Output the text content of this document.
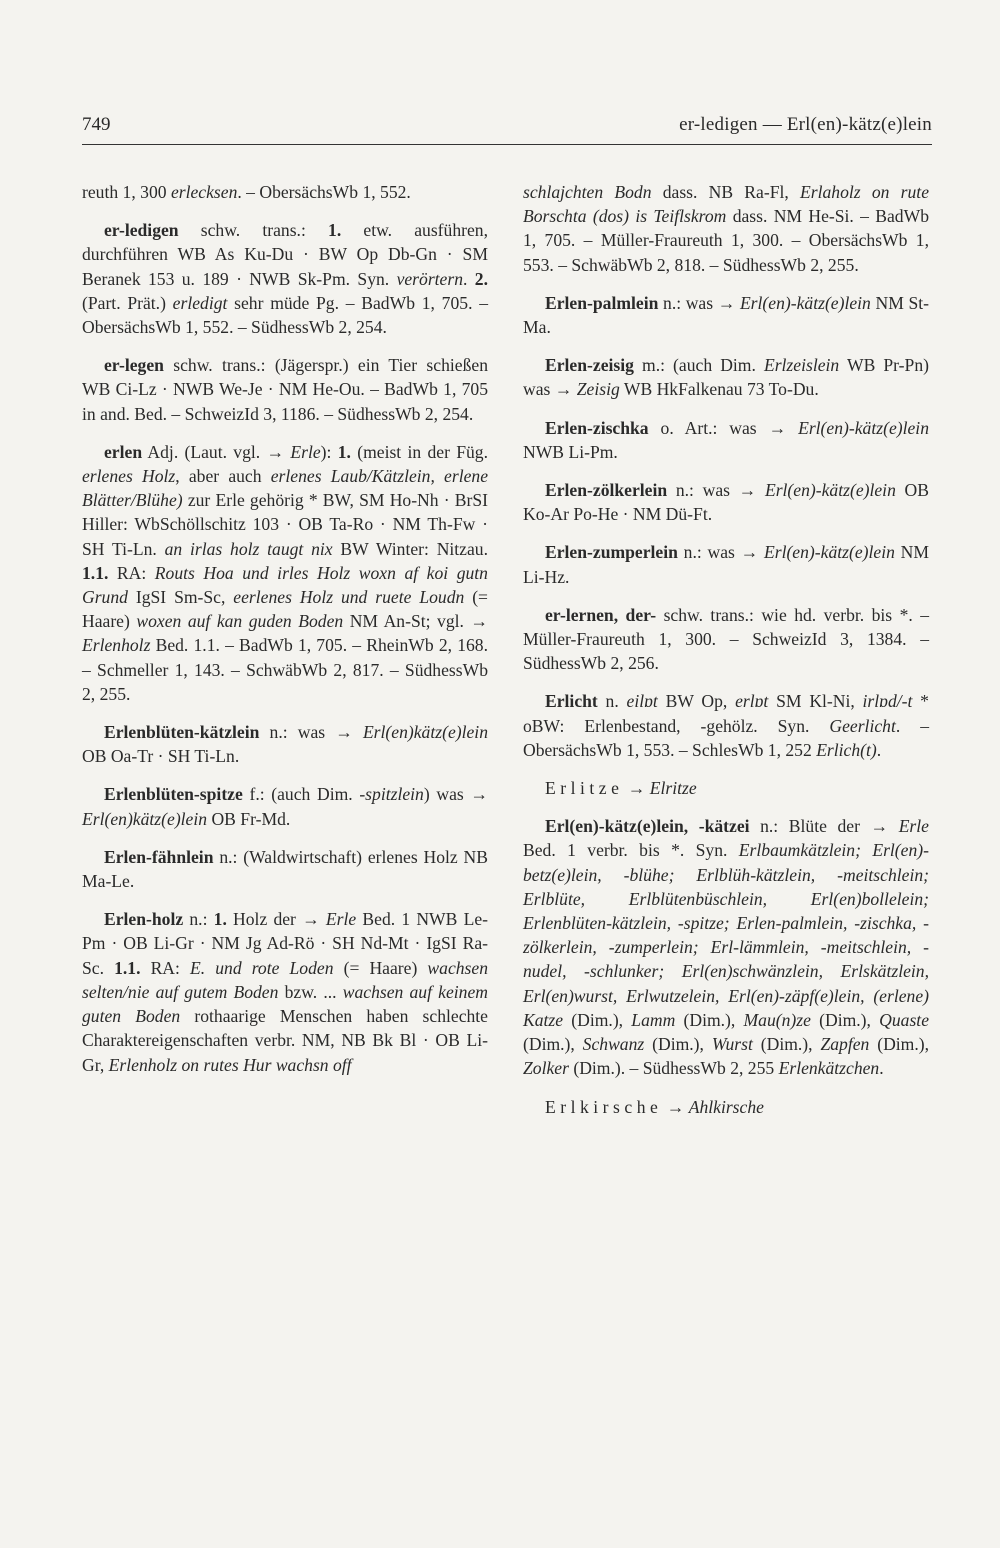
749	er-ledigen — Erl(en)-kätz(e)lein

reuth 1, 300 erlecksen. – ObersächsWb 1, 552.

er-ledigen schw. trans.: 1. etw. ausführen, durchführen WB As Ku-Du · BW Op Db-Gn · SM Beranek 153 u. 189 · NWB Sk-Pm. Syn. verörtern. 2. (Part. Prät.) erledigt sehr müde Pg. – BadWb 1, 705. – ObersächsWb 1, 552. – SüdhessWb 2, 254.

er-legen schw. trans.: (Jägerspr.) ein Tier schießen WB Ci-Lz · NWB We-Je · NM He-Ou. – BadWb 1, 705 in and. Bed. – SchweizId 3, 1186. – SüdhessWb 2, 254.

erlen Adj. (Laut. vgl. → Erle): 1. (meist in der Füg. erlenes Holz, aber auch erlenes Laub/Kätzlein, erlene Blätter/Blühe) zur Erle gehörig * BW, SM Ho-Nh · BrSI Hiller: WbSchöllschitz 103 · OB Ta-Ro · NM Th-Fw · SH Ti-Ln. an irlas holz taugt nix BW Winter: Nitzau. 1.1. RA: Routs Hoa und irles Holz woxn af koi gutn Grund IgSI Sm-Sc, eerlenes Holz und ruete Loudn (= Haare) woxen auf kan guden Boden NM An-St; vgl. → Erlenholz Bed. 1.1. – BadWb 1, 705. – RheinWb 2, 168. – Schmeller 1, 143. – SchwäbWb 2, 817. – SüdhessWb 2, 255.

Erlenblüten-kätzlein n.: was → Erl(en)kätz(e)lein OB Oa-Tr · SH Ti-Ln.

Erlenblüten-spitze f.: (auch Dim. -spitzlein) was → Erl(en)kätz(e)lein OB Fr-Md.

Erlen-fähnlein n.: (Waldwirtschaft) erlenes Holz NB Ma-Le.

Erlen-holz n.: 1. Holz der → Erle Bed. 1 NWB Le-Pm · OB Li-Gr · NM Jg Ad-Rö · SH Nd-Mt · IgSI Ra-Sc. 1.1. RA: E. und rote Loden (= Haare) wachsen selten/nie auf gutem Boden bzw. ... wachsen auf keinem guten Boden rothaarige Menschen haben schlechte Charaktereigenschaften verbr. NM, NB Bk Bl · OB Li-Gr, Erlenholz on rutes Hur wachsn off

schlajchten Bodn dass. NB Ra-Fl, Erlaholz on rute Borschta (dos) is Teiflskrom dass. NM He-Si. – BadWb 1, 705. – Müller-Fraureuth 1, 300. – ObersächsWb 1, 553. – SchwäbWb 2, 818. – SüdhessWb 2, 255.

Erlen-palmlein n.: was → Erl(en)-kätz(e)lein NM St-Ma.

Erlen-zeisig m.: (auch Dim. Erlzeislein WB Pr-Pn) was → Zeisig WB HkFalkenau 73 To-Du.

Erlen-zischka o. Art.: was → Erl(en)-kätz(e)lein NWB Li-Pm.

Erlen-zölkerlein n.: was → Erl(en)-kätz(e)lein OB Ko-Ar Po-He · NM Dü-Ft.

Erlen-zumperlein n.: was → Erl(en)-kätz(e)lein NM Li-Hz.

er-lernen, der- schw. trans.: wie hd. verbr. bis *. – Müller-Fraureuth 1, 300. – SchweizId 3, 1384. – SüdhessWb 2, 256.

Erlicht n. eilɒt BW Op, erlɒt SM Kl-Ni, irlɒd/-t * oBW: Erlenbestand, -gehölz. Syn. Geerlicht. – ObersächsWb 1, 553. – SchlesWb 1, 252 Erlich(t).

Erlitze → Elritze

Erl(en)-kätz(e)lein, -kätzei n.: Blüte der → Erle Bed. 1 verbr. bis *. Syn. Erlbaumkätzlein; Erl(en)-betz(e)lein, -blühe; Erlblüh-kätzlein, -meitschlein; Erlblüte, Erlblütenbüschlein, Erl(en)bollelein; Erlenblüten-kätzlein, -spitze; Erlen-palmlein, -zischka, -zölkerlein, -zumperlein; Erl-lämmlein, -meitschlein, -nudel, -schlunker; Erl(en)schwänzlein, Erlskätzlein, Erl(en)wurst, Erlwutzelein, Erl(en)-zäpf(e)lein, (erlene) Katze (Dim.), Lamm (Dim.), Mau(n)ze (Dim.), Quaste (Dim.), Schwanz (Dim.), Wurst (Dim.), Zapfen (Dim.), Zolker (Dim.). – SüdhessWb 2, 255 Erlenkätzchen.

Erlkirsche → Ahlkirsche
